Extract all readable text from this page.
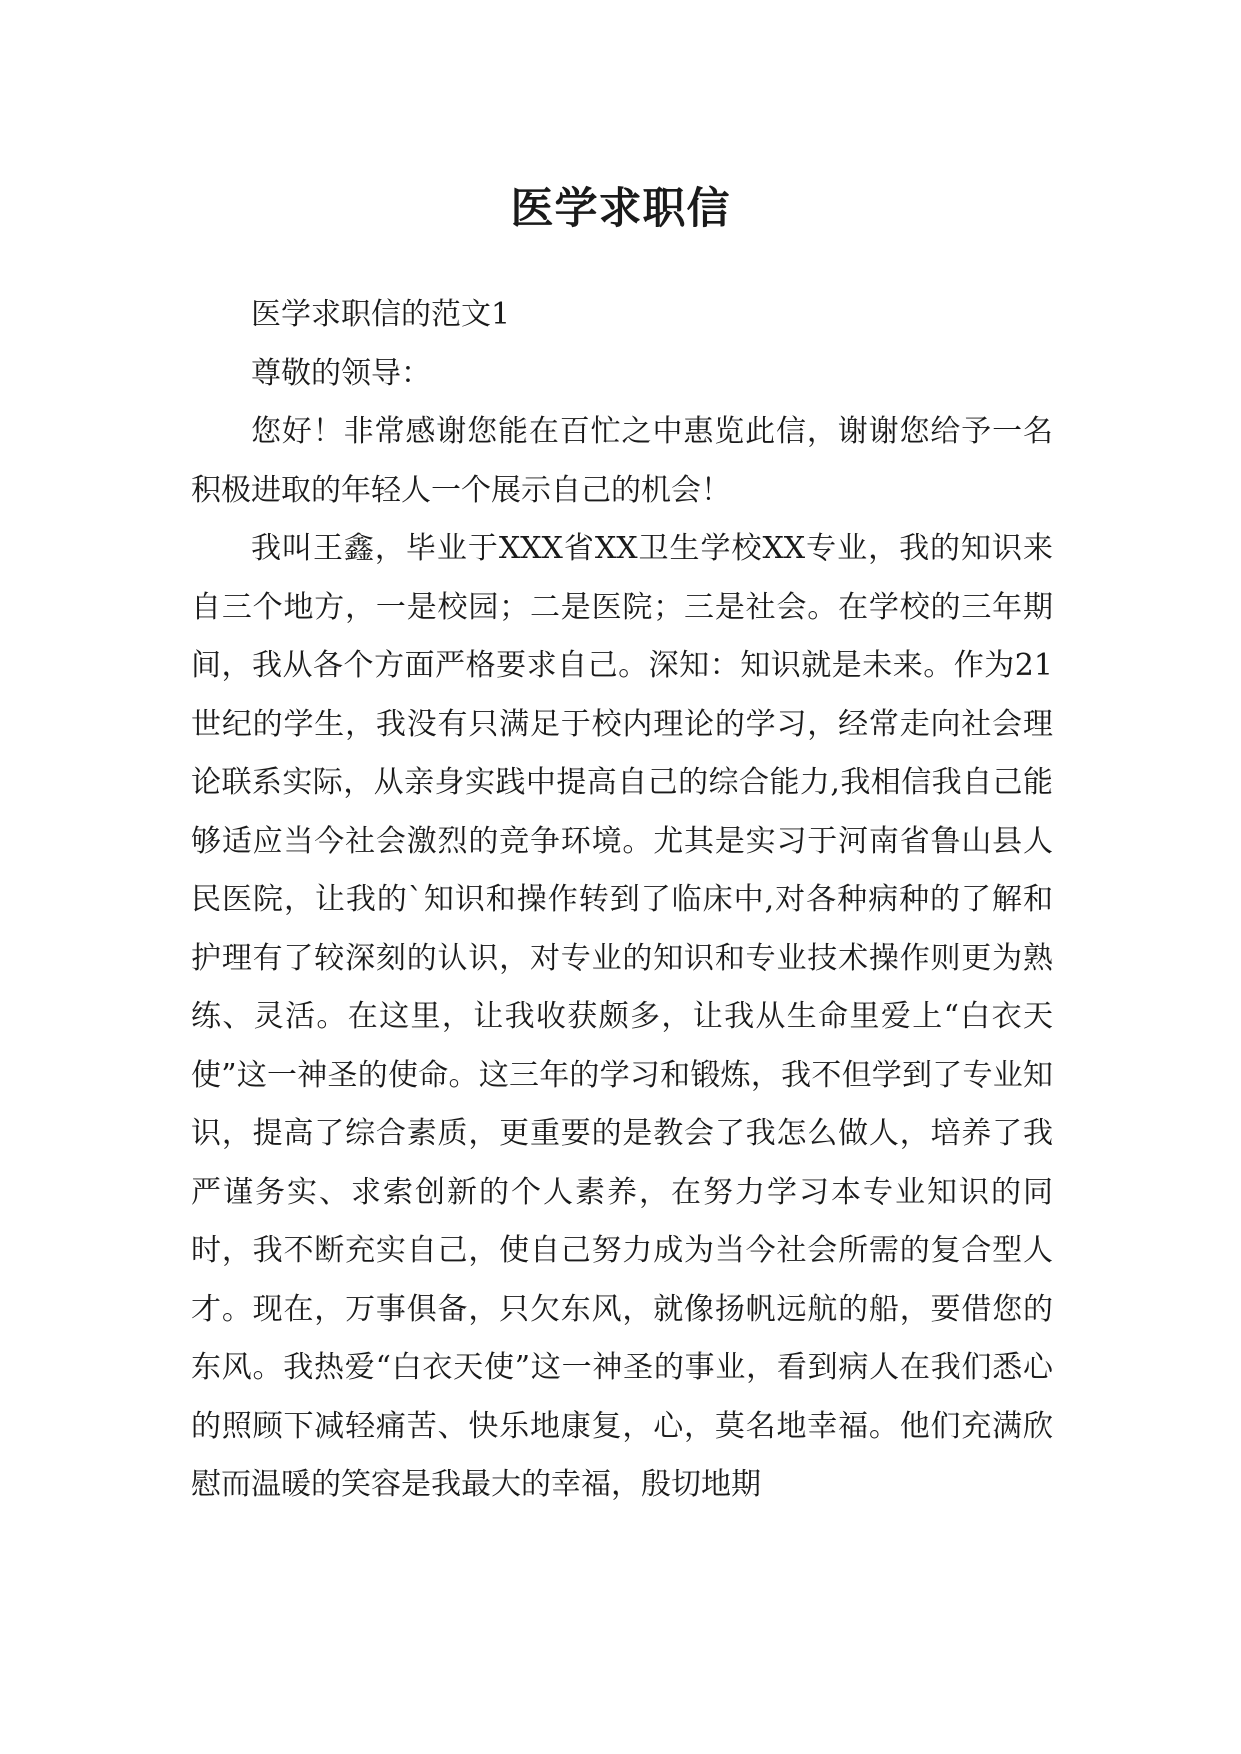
医学求职信

医学求职信的范文1

尊敬的领导：

您好！非常感谢您能在百忙之中惠览此信，谢谢您给予一名积极进取的年轻人一个展示自己的机会！

我叫王鑫，毕业于XXX省XX卫生学校XX专业，我的知识来自三个地方，一是校园；二是医院；三是社会。在学校的三年期间，我从各个方面严格要求自己。深知：知识就是未来。作为21世纪的学生，我没有只满足于校内理论的学习，经常走向社会理论联系实际，从亲身实践中提高自己的综合能力,我相信我自己能够适应当今社会激烈的竞争环境。尤其是实习于河南省鲁山县人民医院，让我的`知识和操作转到了临床中,对各种病种的了解和护理有了较深刻的认识，对专业的知识和专业技术操作则更为熟练、灵活。在这里，让我收获颇多，让我从生命里爱上“白衣天使”这一神圣的使命。这三年的学习和锻炼，我不但学到了专业知识，提高了综合素质，更重要的是教会了我怎么做人，培养了我严谨务实、求索创新的个人素养，在努力学习本专业知识的同时，我不断充实自己，使自己努力成为当今社会所需的复合型人才。现在，万事俱备，只欠东风，就像扬帆远航的船，要借您的东风。我热爱“白衣天使”这一神圣的事业，看到病人在我们悉心的照顾下减轻痛苦、快乐地康复，心，莫名地幸福。他们充满欣慰而温暖的笑容是我最大的幸福，殷切地期
